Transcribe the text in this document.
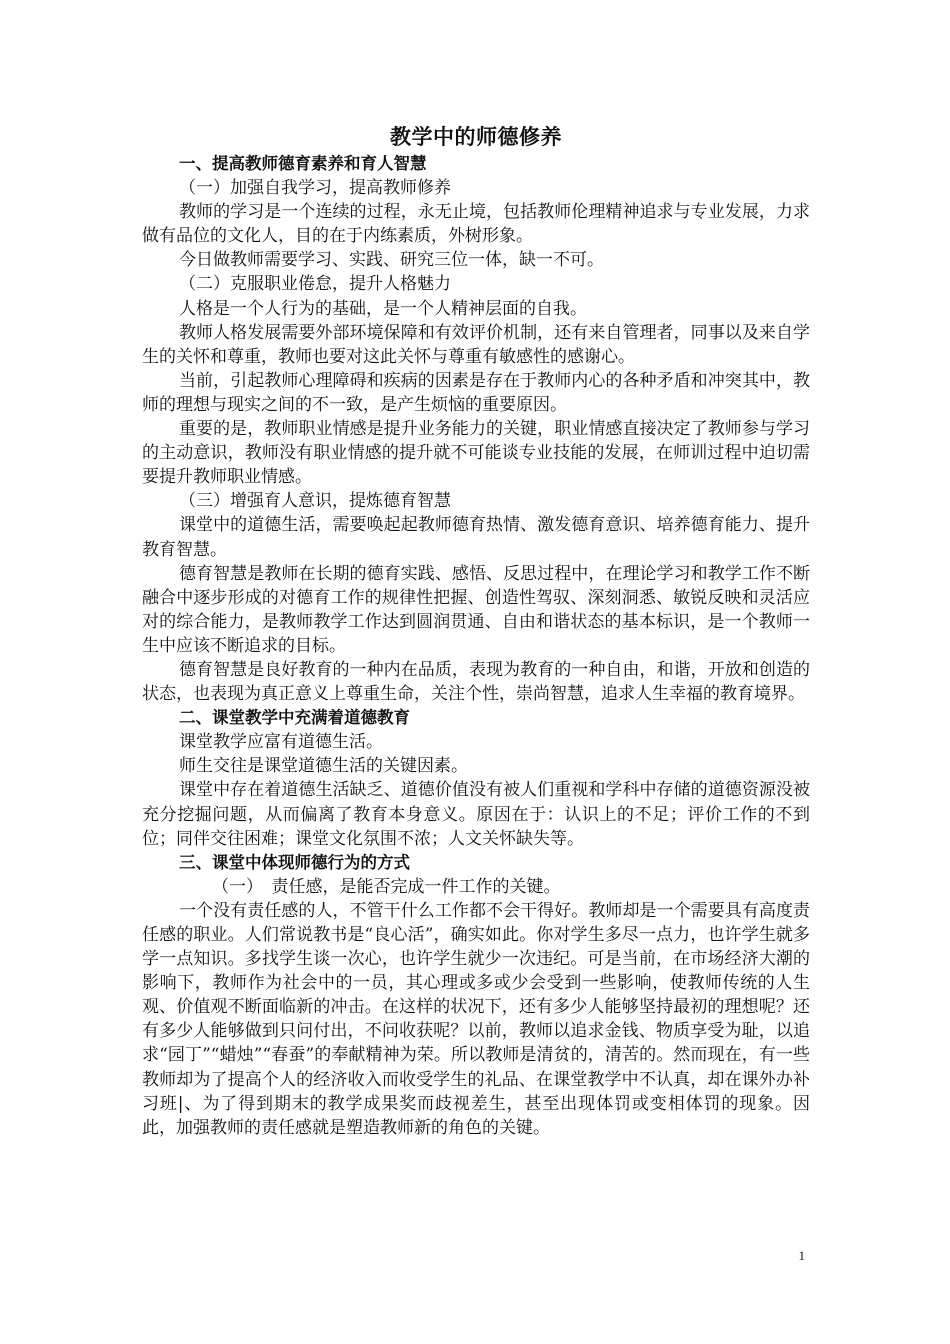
教学中的师德修养

一、提高教师德育素养和育人智慧

（一）加强自我学习，提高教师修养

教师的学习是一个连续的过程，永无止境，包括教师伦理精神追求与专业发展，力求做有品位的文化人，目的在于内练素质，外树形象。

今日做教师需要学习、实践、研究三位一体，缺一不可。

（二）克服职业倦怠，提升人格魅力

人格是一个人行为的基础，是一个人精神层面的自我。

教师人格发展需要外部环境保障和有效评价机制，还有来自管理者，同事以及来自学生的关怀和尊重，教师也要对这此关怀与尊重有敏感性的感谢心。

当前，引起教师心理障碍和疾病的因素是存在于教师内心的各种矛盾和冲突其中，教师的理想与现实之间的不一致，是产生烦恼的重要原因。

重要的是，教师职业情感是提升业务能力的关键，职业情感直接决定了教师参与学习的主动意识，教师没有职业情感的提升就不可能谈专业技能的发展，在师训过程中迫切需要提升教师职业情感。

（三）增强育人意识，提炼德育智慧

课堂中的道德生活，需要唤起起教师德育热情、激发德育意识、培养德育能力、提升教育智慧。

德育智慧是教师在长期的德育实践、感悟、反思过程中，在理论学习和教学工作不断融合中逐步形成的对德育工作的规律性把握、创造性驾驭、深刻洞悉、敏锐反映和灵活应对的综合能力，是教师教学工作达到圆润贯通、自由和谐状态的基本标识，是一个教师一生中应该不断追求的目标。

德育智慧是良好教育的一种内在品质，表现为教育的一种自由，和谐，开放和创造的状态，也表现为真正意义上尊重生命，关注个性，崇尚智慧，追求人生幸福的教育境界。

二、课堂教学中充满着道德教育

课堂教学应富有道德生活。

师生交往是课堂道德生活的关键因素。

课堂中存在着道德生活缺乏、道德价值没有被人们重视和学科中存储的道德资源没被充分挖掘问题，从而偏离了教育本身意义。原因在于：认识上的不足；评价工作的不到位；同伴交往困难；课堂文化氛围不浓；人文关怀缺失等。

三、课堂中体现师德行为的方式

（一）　责任感，是能否完成一件工作的关键。

一个没有责任感的人，不管干什么工作都不会干得好。教师却是一个需要具有高度责任感的职业。人们常说教书是“良心活”，确实如此。你对学生多尽一点力，也许学生就多学一点知识。多找学生谈一次心，也许学生就少一次违纪。可是当前，在市场经济大潮的影响下，教师作为社会中的一员，其心理或多或少会受到一些影响，使教师传统的人生观、价值观不断面临新的冲击。在这样的状况下，还有多少人能够坚持最初的理想呢？还有多少人能够做到只问付出，不问收获呢？以前，教师以追求金钱、物质享受为耻，以追求“园丁”“蜡烛”“春蚕”的奉献精神为荣。所以教师是清贫的，清苦的。然而现在，有一些教师却为了提高个人的经济收入而收受学生的礼品、在课堂教学中不认真，却在课外办补习班|、为了得到期末的教学成果奖而歧视差生，甚至出现体罚或变相体罚的现象。因此，加强教师的责任感就是塑造教师新的角色的关键。

1
